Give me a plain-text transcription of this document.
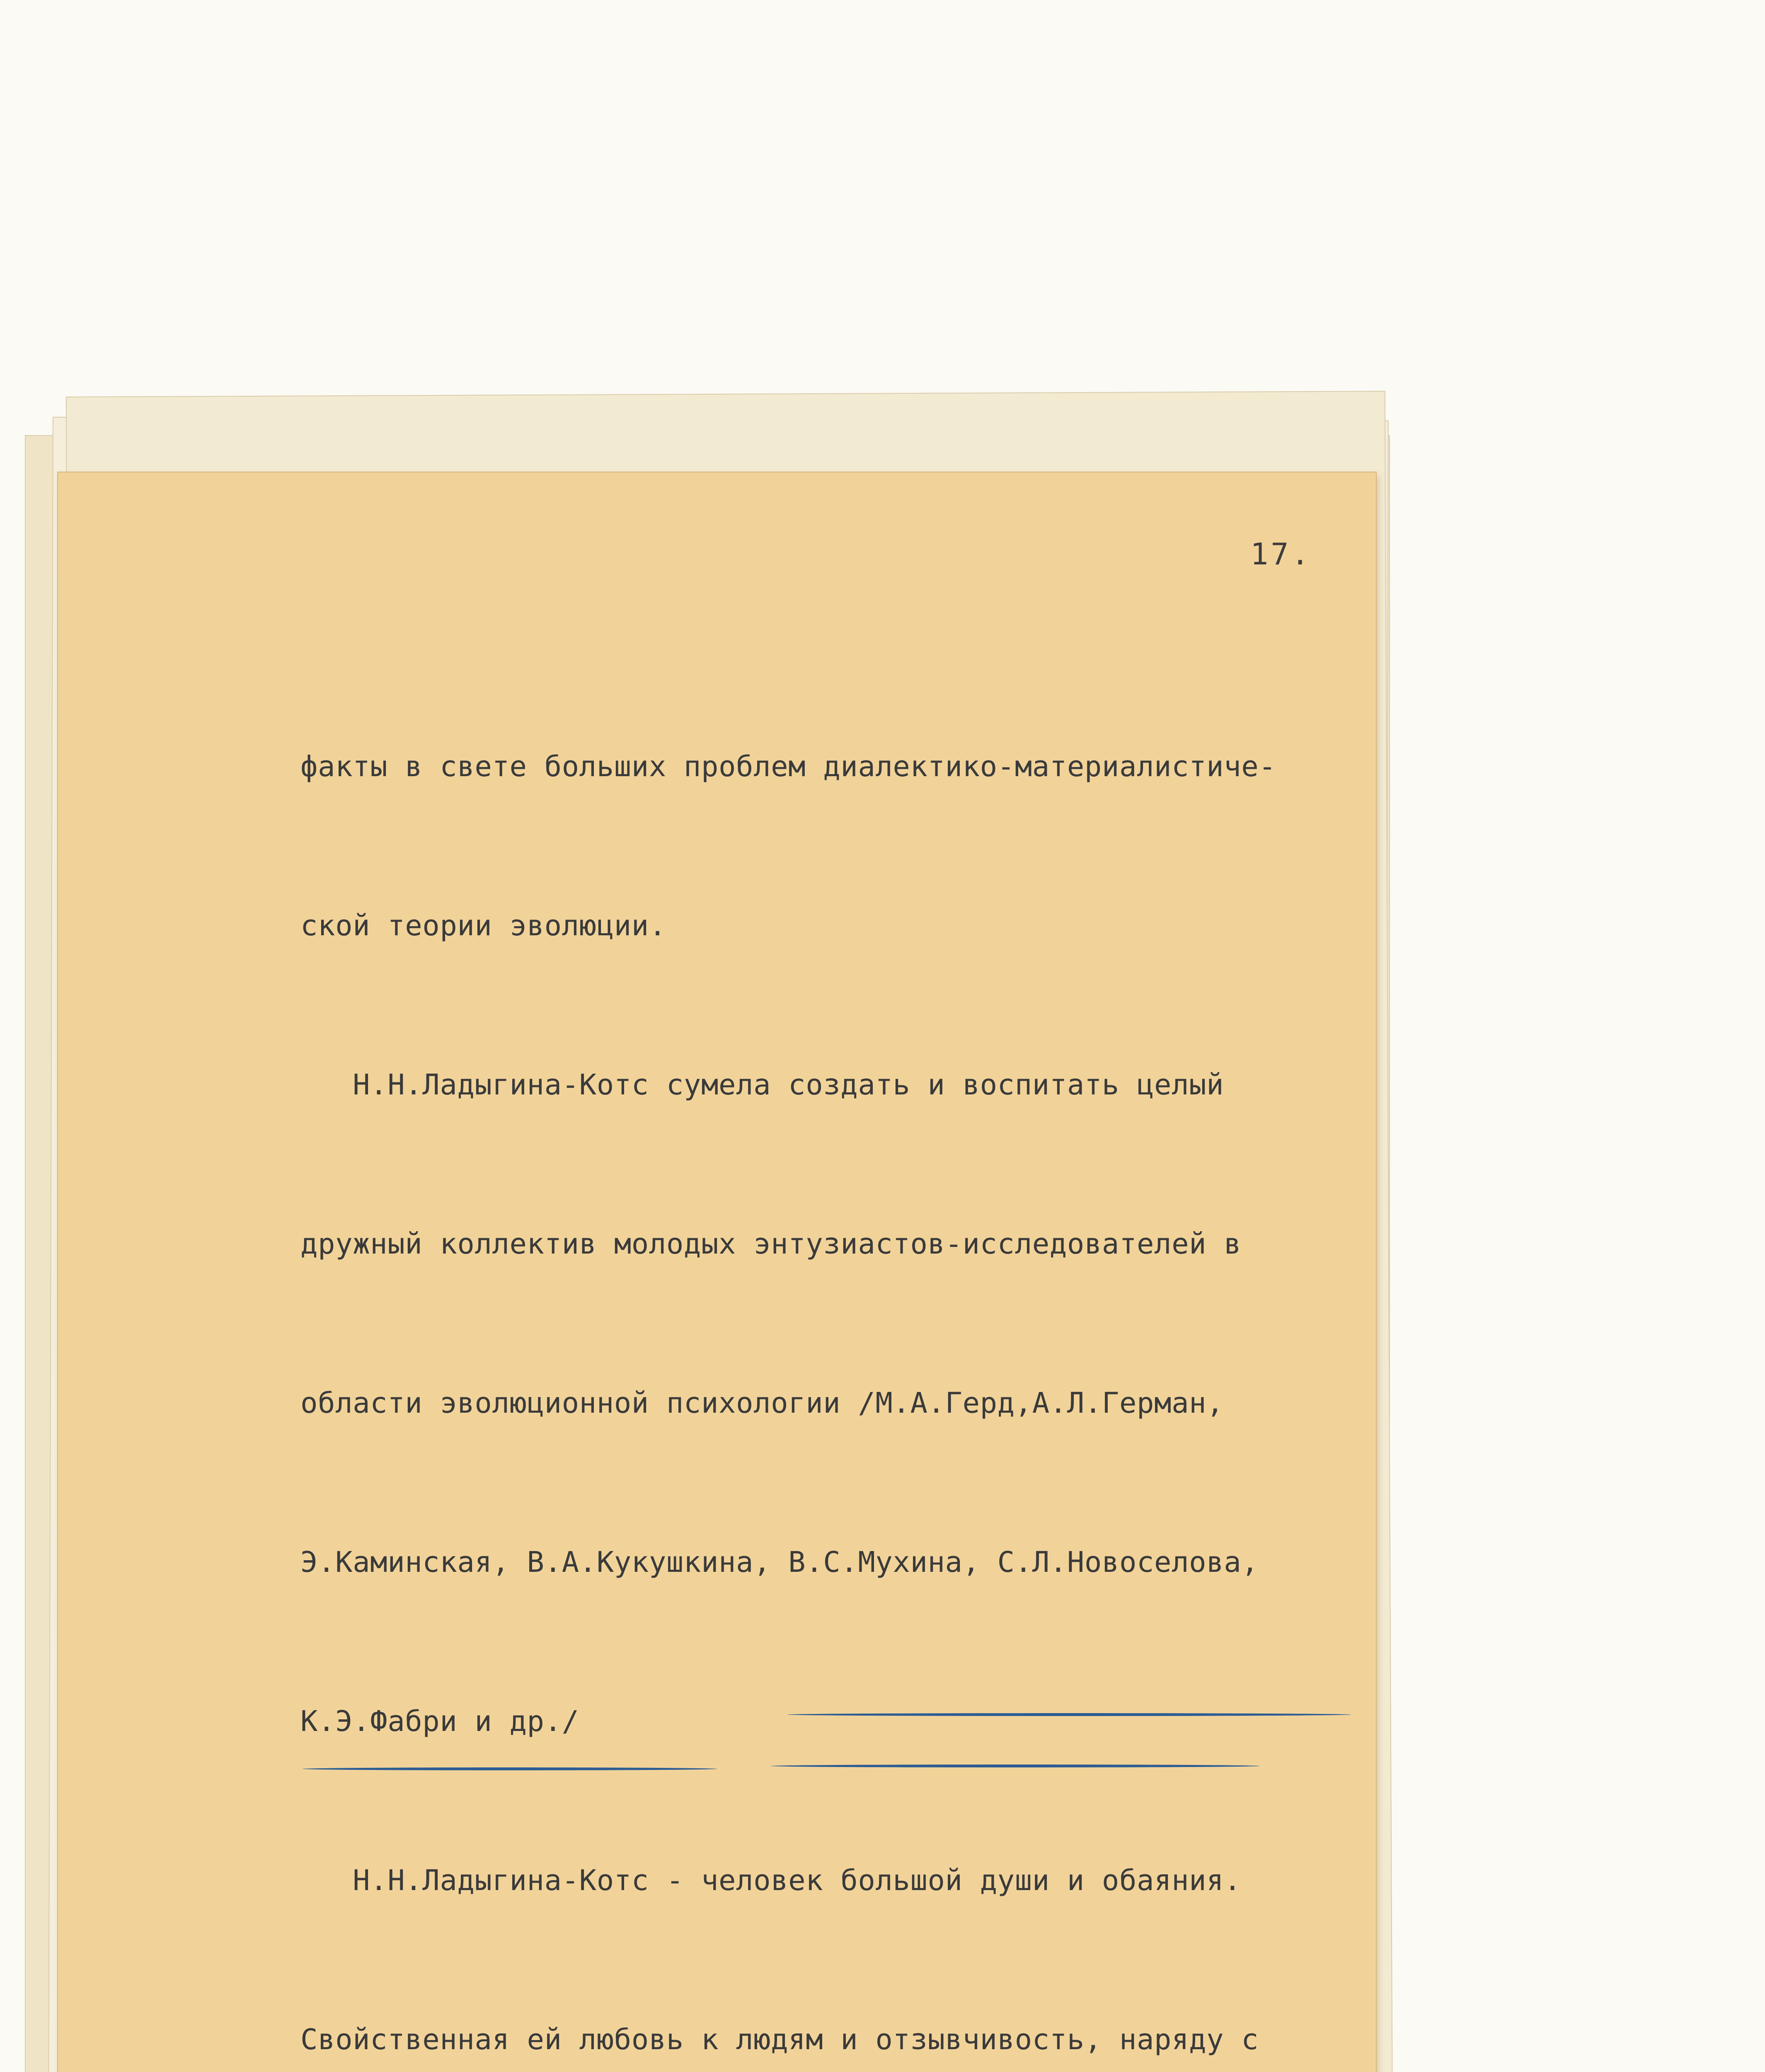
17.

факты в свете больших проблем диалектико-материалистиче-

ской теории эволюции.

Н.Н.Ладыгина-Котс сумела создать и воспитать целый

дружный коллектив молодых энтузиастов-исследователей в

области эволюционной психологии /М.А.Герд,А.Л.Герман,

Э.Каминская, В.А.Кукушкина, В.С.Мухина, С.Л.Новоселова,

К.Э.Фабри и др./

Н.Н.Ладыгина-Котс - человек большой души и обаяния.

Свойственная ей любовь к людям и отзывчивость, наряду с
